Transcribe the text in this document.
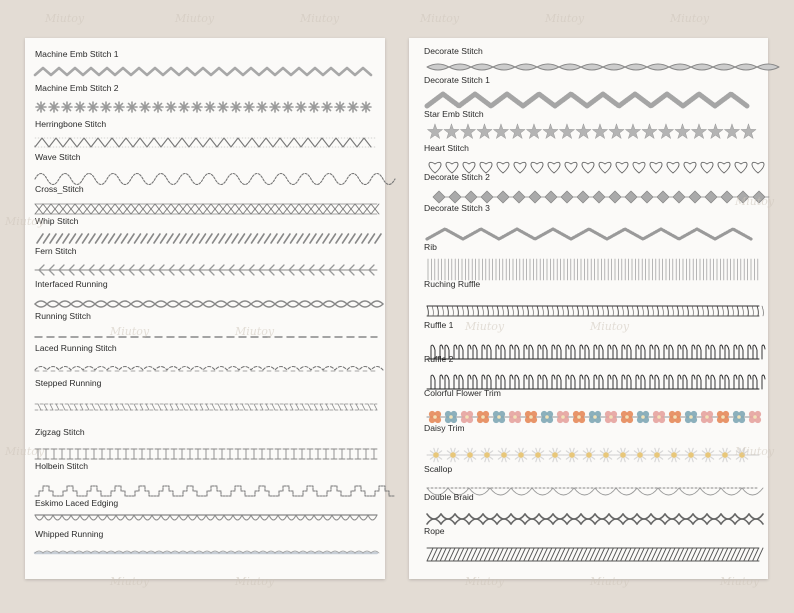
Machine Emb Stitch 1
Machine Emb Stitch 2
Herringbone Stitch
Wave Stitch
Cross_Stitch
Whip Stitch
Fern Stitch
Interfaced Running
Running Stitch
Laced Running Stitch
Stepped Running
Zigzag Stitch
Holbein Stitch
Eskimo Laced Edging
Whipped Running
Decorate Stitch
Decorate Stitch 1
Star Emb Stitch
Heart Stitch
Decorate Stitch 2
Decorate Stitch 3
Rib
Ruching Ruffle
Ruffle 1
Ruffle 2
Colorful Flower Trim
Daisy Trim
Scallop
Double Braid
Rope
Miutoy	Miutoy	Miutoy	Miutoy	Miutoy	Miutoy
Miutoy	Miutoy	Miutoy	Miutoy
Miutoy	Miutoy	Miutoy	Miutoy	Miutoy
Miutoy
Miutoy
Miutoy
Miutoy
